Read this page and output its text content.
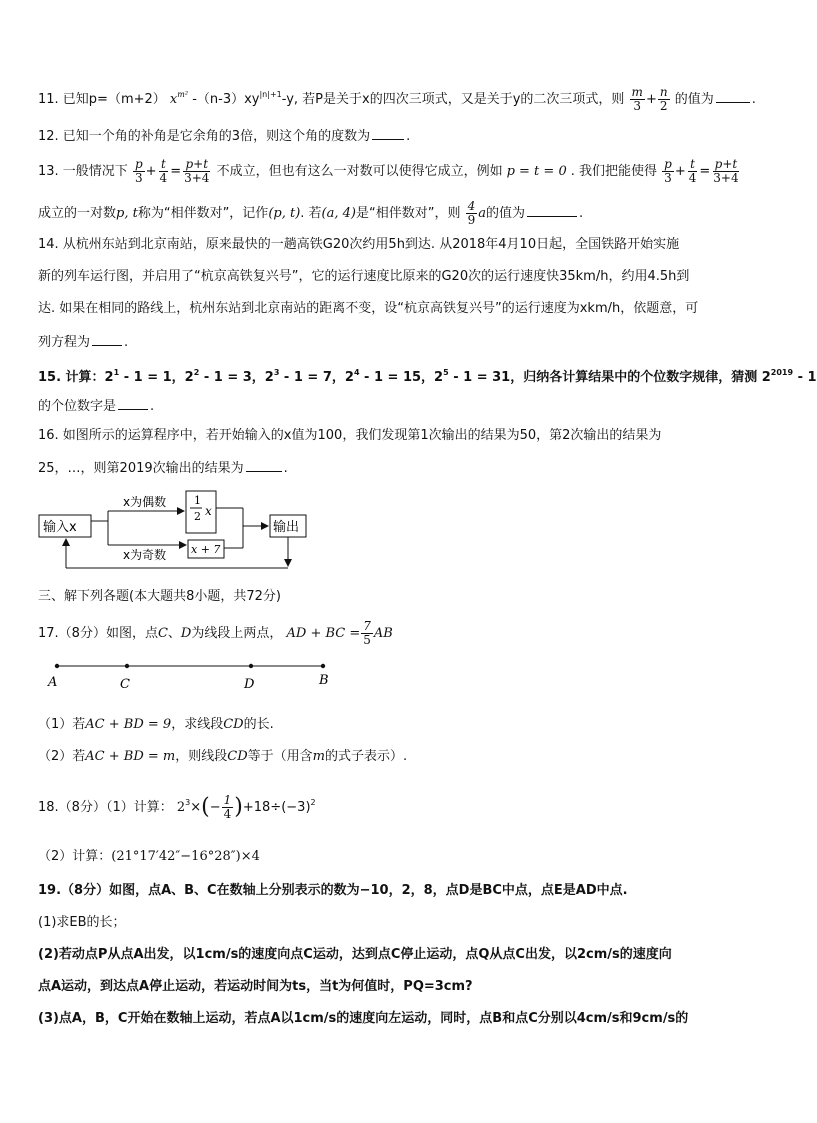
11. 已知p=（m+2） $x^{m^2}$ $-(n-3)xy^{|n|+1}-y$, 若P是关于x的四次三项式，又是关于y的二次三项式，则 $\frac{m}{3} + \frac{n}{2}$ 的值为	.
12. 已知一个角的补角是它余角的3倍，则这个角的度数为	.
13. 一般情况下 $\frac{p}{3} + \frac{t}{4} = \frac{p+t}{3+4}$ 不成立，但也有这么一对数可以使得它成立，例如 p = t = 0 . 我们把能使得 $\frac{p}{3} + \frac{t}{4} = \frac{p+t}{3+4}$
成立的一对数p, t称为“相伴数对”，记作(p, t). 若(a, 4)是“相伴数对”，则 $\frac{4}{9}$ a的值为	.
14. 从杭州东站到北京南站，原来最快的一趟高铁G20次约用5h到达. 从2018年4月10日起，全国铁路开始实施
新的列车运行图，并启用了“杭京高铁复兴号”，它的运行速度比原来的G20次的运行速度快35km/h，约用4.5h到
达. 如果在相同的路线上，杭州东站到北京南站的距离不变，设“杭京高铁复兴号”的运行速度为xkm/h，依题意，可
列方程为	.
15. 计算：$2^1 - 1 = 1$，$2^2 - 1 = 3$，$2^3 - 1 = 7$，$2^4 - 1 = 15$，$2^5 - 1 = 31$，归纳各计算结果中的个位数字规律，猜测 $2^{2019} - 1$
的个位数字是	.
16. 如图所示的运算程序中，若开始输入的x值为100，我们发现第1次输出的结果为50，第2次输出的结果为
25，…，则第2019次输出的结果为	.
输入x
1
2 x
x + 7
输出
x为偶数
x为奇数
三、解下列各题(本大题共8小题，共72分)
17.（8分）如图，点C、D为线段上两点， AD + BC = $\frac{7}{5}$ AB
A	C	D	B
（1）若AC + BD = 9，求线段CD的长.
（2）若AC + BD = m，则线段CD等于（用含m的式子表示）.
18.（8分）（1）计算： $2^3\times(- \frac{1}{4} )+18\div(-3)^2$
（2）计算：(21°17′42″−16°28″)×4
19.（8分）如图，点A、B、C在数轴上分别表示的数为−10，2，8，点D是BC中点，点E是AD中点.
(1)求EB的长；
(2)若动点P从点A出发，以1cm/s的速度向点C运动，达到点C停止运动，点Q从点C出发，以2cm/s的速度向
点A运动，到达点A停止运动，若运动时间为ts，当t为何值时，PQ=3cm?
(3)点A，B，C开始在数轴上运动，若点A以1cm/s的速度向左运动，同时，点B和点C分别以4cm/s和9cm/s的
